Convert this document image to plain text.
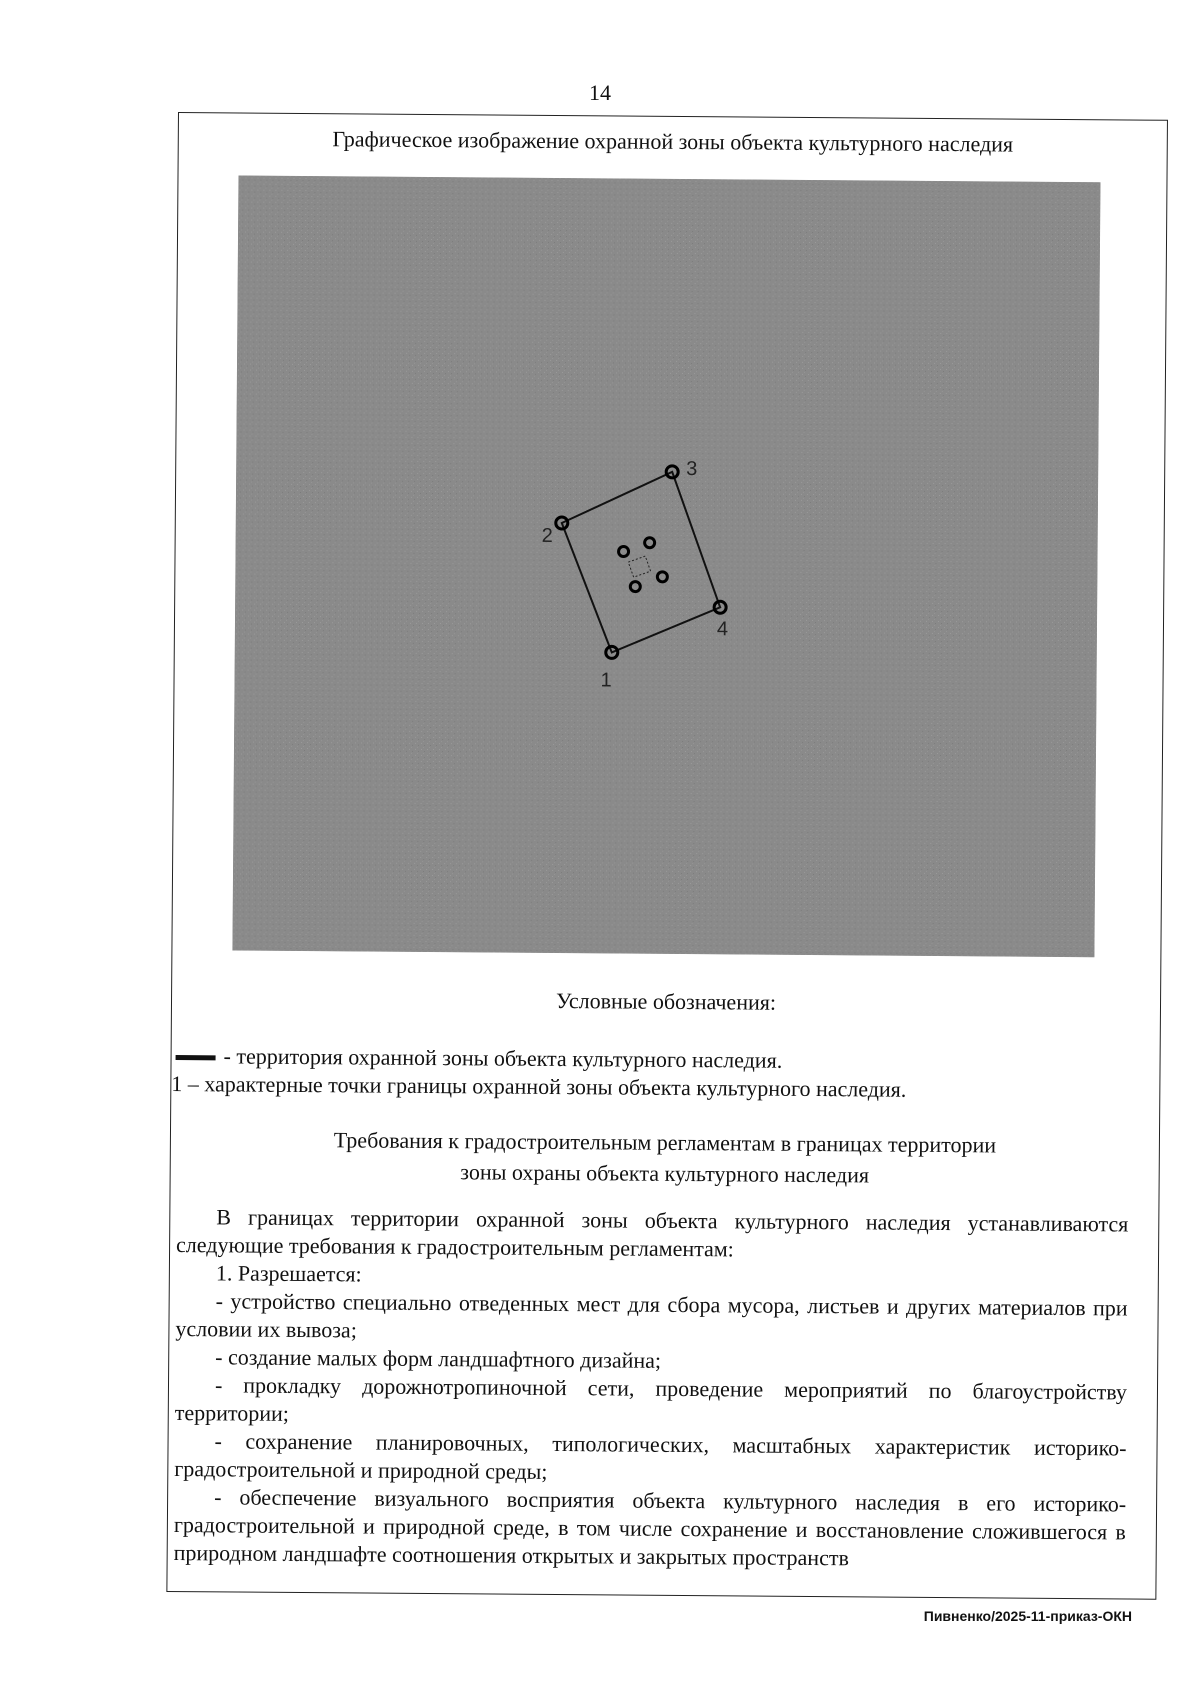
14
Графическое изображение охранной зоны объекта культурного наследия
1
2
3
4
Условные обозначения:
- территория охранной зоны объекта культурного наследия.
1 – характерные точки границы охранной зоны объекта культурного наследия.
Требования к градостроительным регламентам в границах территории
зоны охраны объекта культурного наследия

В границах территории охранной зоны объекта культурного наследия устанавливаются следующие требования к градостроительным регламентам:

1. Разрешается:

- устройство специально отведенных мест для сбора мусора, листьев и других материалов при условии их вывоза;

- создание малых форм ландшафтного дизайна;

- прокладку дорожнотропиночной сети, проведение мероприятий по благоустройству территории;

- сохранение планировочных, типологических, масштабных характеристик историко-градостроительной и природной среды;

- обеспечение визуального восприятия объекта культурного наследия в его историко-градостроительной и природной среде, в том числе сохранение и восстановление сложившегося в природном ландшафте соотношения открытых и закрытых пространств

Пивненко/2025-11-приказ-ОКН
